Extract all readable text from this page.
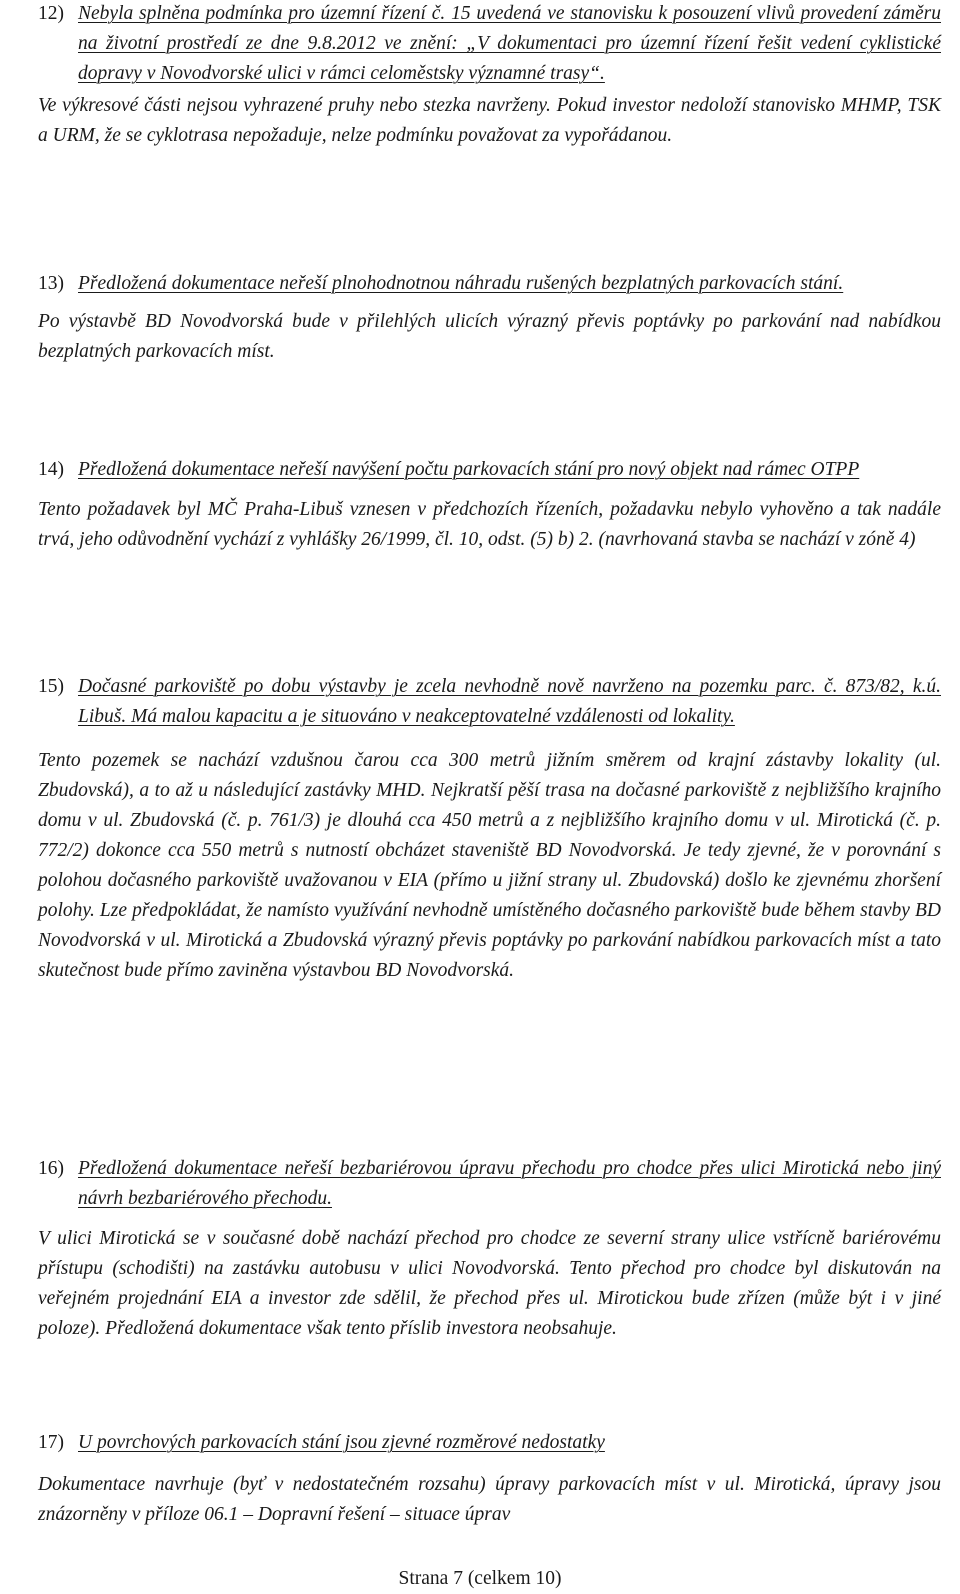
12) Nebyla splněna podmínka pro územní řízení č. 15 uvedená ve stanovisku k posouzení vlivů provedení záměru na životní prostředí ze dne 9.8.2012 ve znění: „V dokumentaci pro územní řízení řešit vedení cyklistické dopravy v Novodvorské ulici v rámci celoměstsky významné trasy“.
Ve výkresové části nejsou vyhrazené pruhy nebo stezka navrženy. Pokud investor nedoloží stanovisko MHMP, TSK a URM, že se cyklotrasa nepožaduje, nelze podmínku považovat za vypořádanou.
13) Předložená dokumentace neřeší plnohodnotnou náhradu rušených bezplatných parkovacích stání.
Po výstavbě BD Novodvorská bude v přilehlých ulicích výrazný převis poptávky po parkování nad nabídkou bezplatných parkovacích míst.
14) Předložená dokumentace neřeší navýšení počtu parkovacích stání pro nový objekt nad rámec OTPP
Tento požadavek byl MČ Praha-Libuš vznesen v předchozích řízeních, požadavku nebylo vyhověno a tak nadále trvá, jeho odůvodnění vychází z vyhlášky 26/1999, čl. 10, odst. (5) b) 2. (navrhovaná stavba se nachází v zóně 4)
15) Dočasné parkoviště po dobu výstavby je zcela nevhodně nově navrženo na pozemku parc. č. 873/82, k.ú. Libuš. Má malou kapacitu a je situováno v neakceptovatelné vzdálenosti od lokality.
Tento pozemek se nachází vzdušnou čarou cca 300 metrů jižním směrem od krajní zástavby lokality (ul. Zbudovská), a to až u následující zastávky MHD. Nejkratší pěší trasa na dočasné parkoviště z nejbližšího krajního domu v ul. Zbudovská (č. p. 761/3) je dlouhá cca 450 metrů a z nejbližšího krajního domu v ul. Mirotická (č. p. 772/2) dokonce cca 550 metrů s nutností obcházet staveniště BD Novodvorská. Je tedy zjevné, že v porovnání s polohou dočasného parkoviště uvažovanou v EIA (přímo u jižní strany ul. Zbudovská) došlo ke zjevnému zhoršení polohy. Lze předpokládat, že namísto využívání nevhodně umístěného dočasného parkoviště bude během stavby BD Novodvorská v ul. Mirotická a Zbudovská výrazný převis poptávky po parkování nabídkou parkovacích míst a tato skutečnost bude přímo zaviněna výstavbou BD Novodvorská.
16) Předložená dokumentace neřeší bezbariérovou úpravu přechodu pro chodce přes ulici Mirotická nebo jiný návrh bezbariérového přechodu.
V ulici Mirotická se v současné době nachází přechod pro chodce ze severní strany ulice vstřícně bariérovému přístupu (schodišti) na zastávku autobusu v ulici Novodvorská. Tento přechod pro chodce byl diskutován na veřejném projednání EIA a investor zde sdělil, že přechod přes ul. Mirotickou bude zřízen (může být i v jiné poloze). Předložená dokumentace však tento příslib investora neobsahuje.
17) U povrchových parkovacích stání jsou zjevné rozměrové nedostatky
Dokumentace navrhuje (byť v nedostatečném rozsahu) úpravy parkovacích míst v ul. Mirotická, úpravy jsou znázorněny v příloze 06.1 – Dopravní řešení – situace úprav
Strana 7 (celkem 10)
